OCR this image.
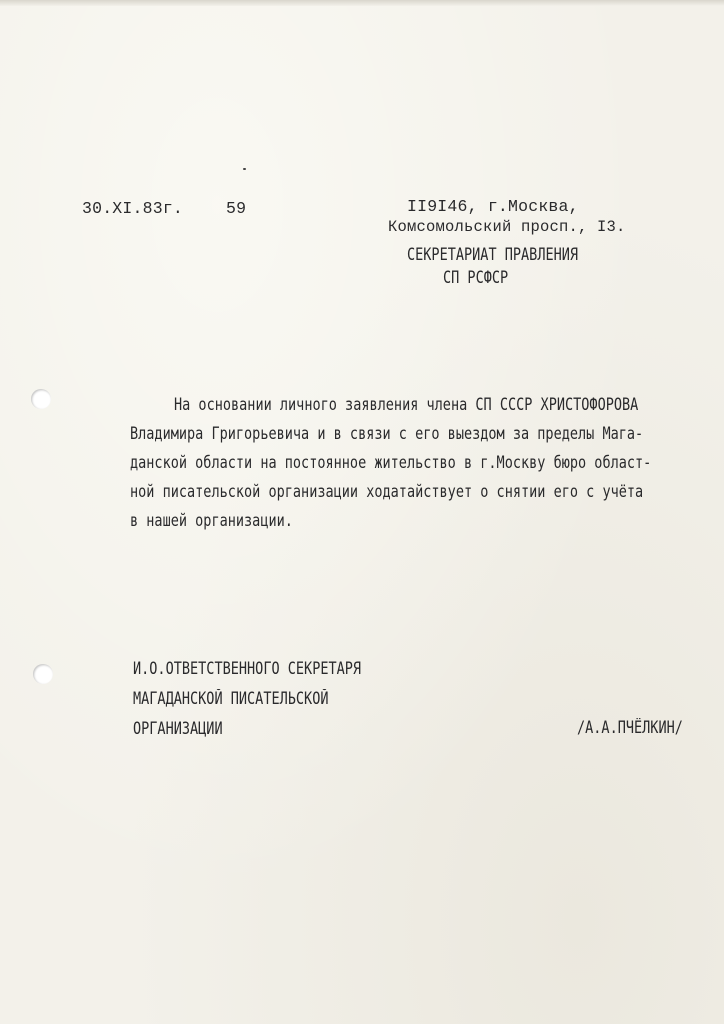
30.XI.83г.	59	II9I46, г.Москва,
Комсомольский просп., I3.
СЕКРЕТАРИАТ ПРАВЛЕНИЯ
СП РСФСР
На основании личного заявления члена СП СССР ХРИСТОФОРОВА
Владимира Григорьевича и в связи с его выездом за пределы Мага-
данской области на постоянное жительство в г.Москву бюро област-
ной писательской организации ходатайствует о снятии его с учёта
в нашей организации.
И.О.ОТВЕТСТВЕННОГО СЕКРЕТАРЯ
МАГАДАНСКОЙ ПИСАТЕЛЬСКОЙ
ОРГАНИЗАЦИИ	/А.А.ПЧЁЛКИН/
